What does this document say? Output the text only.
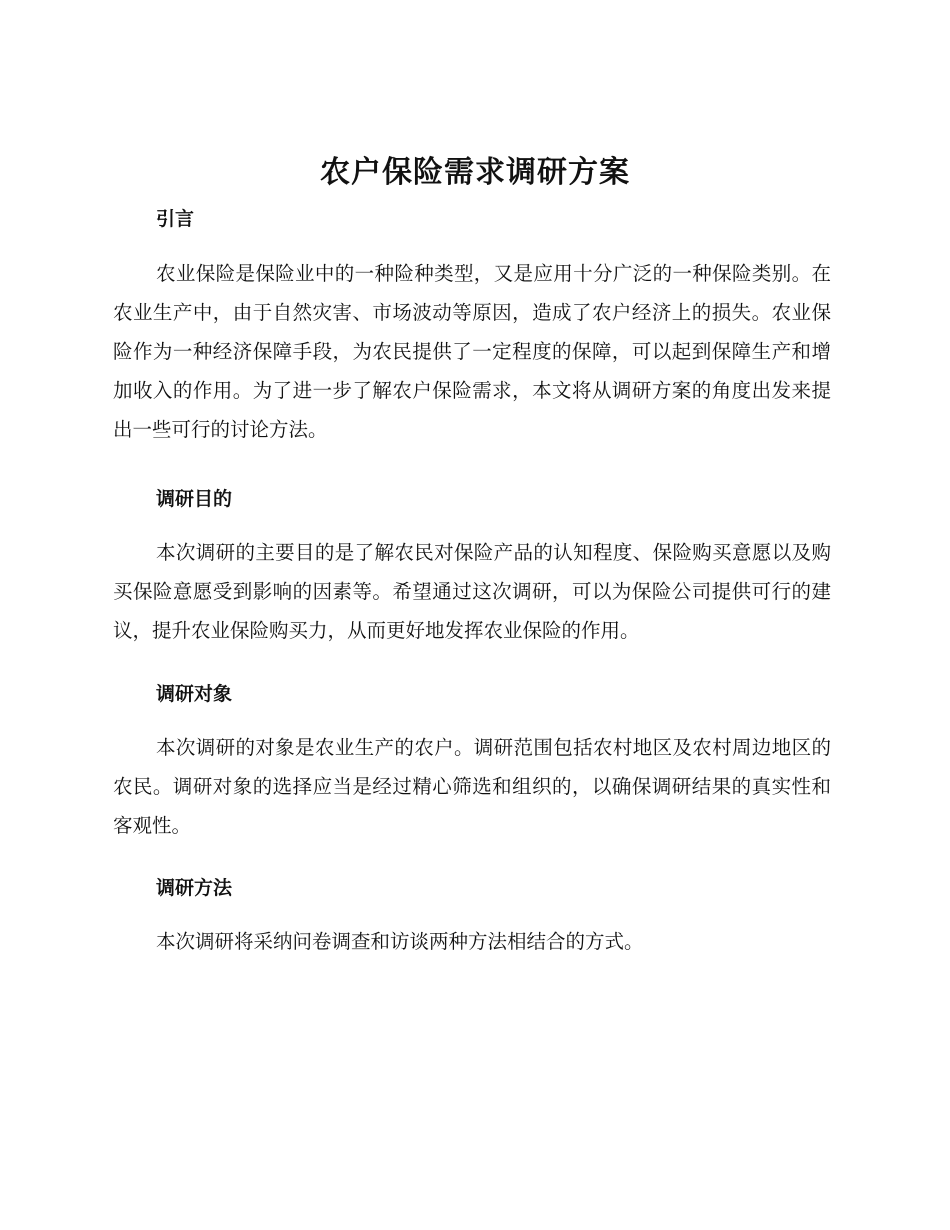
农户保险需求调研方案
引言

农业保险是保险业中的一种险种类型，又是应用十分广泛的一种保险类别。在农业生产中，由于自然灾害、市场波动等原因，造成了农户经济上的损失。农业保险作为一种经济保障手段，为农民提供了一定程度的保障，可以起到保障生产和增加收入的作用。为了进一步了解农户保险需求，本文将从调研方案的角度出发来提出一些可行的讨论方法。

调研目的

本次调研的主要目的是了解农民对保险产品的认知程度、保险购买意愿以及购买保险意愿受到影响的因素等。希望通过这次调研，可以为保险公司提供可行的建议，提升农业保险购买力，从而更好地发挥农业保险的作用。

调研对象

本次调研的对象是农业生产的农户。调研范围包括农村地区及农村周边地区的农民。调研对象的选择应当是经过精心筛选和组织的，以确保调研结果的真实性和客观性。

调研方法

本次调研将采纳问卷调查和访谈两种方法相结合的方式。
